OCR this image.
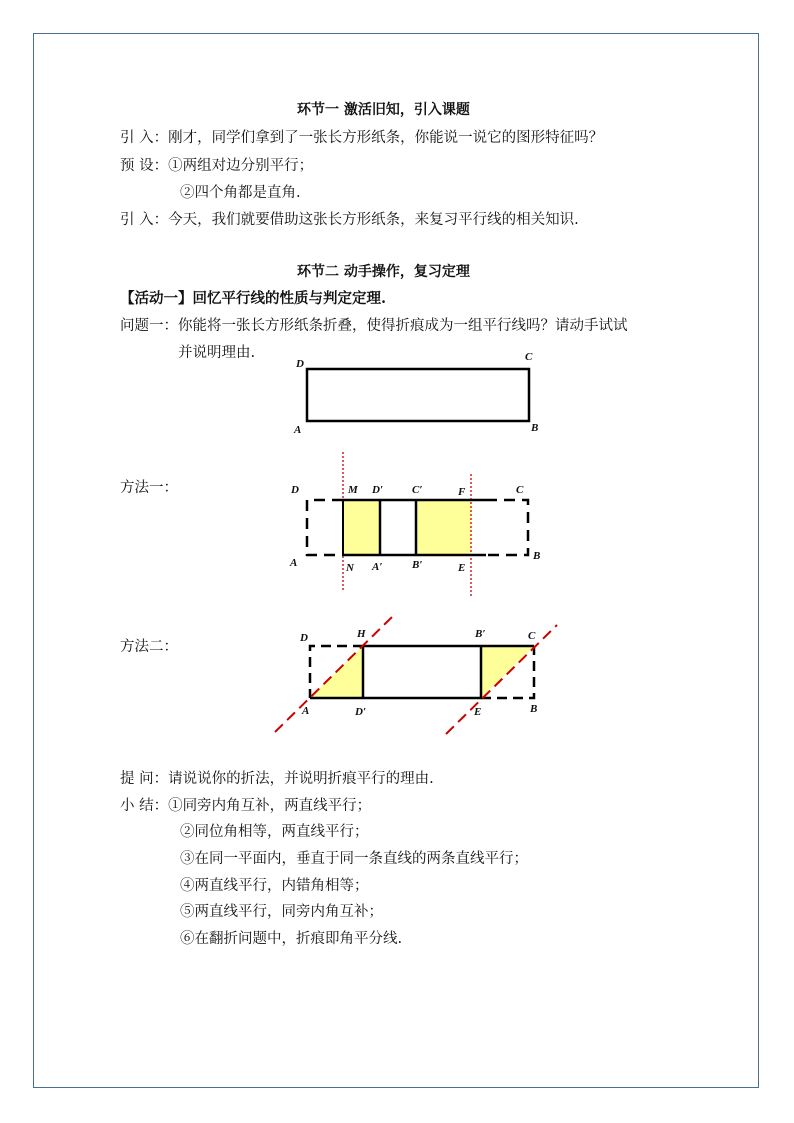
环节一 激活旧知，引入课题
引 入：刚才，同学们拿到了一张长方形纸条，你能说一说它的图形特征吗？
预 设：①两组对边分别平行；
②四个角都是直角.
引 入：今天，我们就要借助这张长方形纸条，来复习平行线的相关知识.
环节二 动手操作，复习定理
【活动一】回忆平行线的性质与判定定理.
问题一：你能将一张长方形纸条折叠，使得折痕成为一组平行线吗？请动手试试
并说明理由.
D
C
A	B
方法一：	D	M D′	C′	F	C
A	N A′	B′	E
B
方法二：
D	H	B′	C
A	D′	E	B
提 问：请说说你的折法，并说明折痕平行的理由.
小 结：①同旁内角互补，两直线平行；
②同位角相等，两直线平行；
③在同一平面内，垂直于同一条直线的两条直线平行；
④两直线平行，内错角相等；
⑤两直线平行，同旁内角互补；
⑥在翻折问题中，折痕即角平分线.
